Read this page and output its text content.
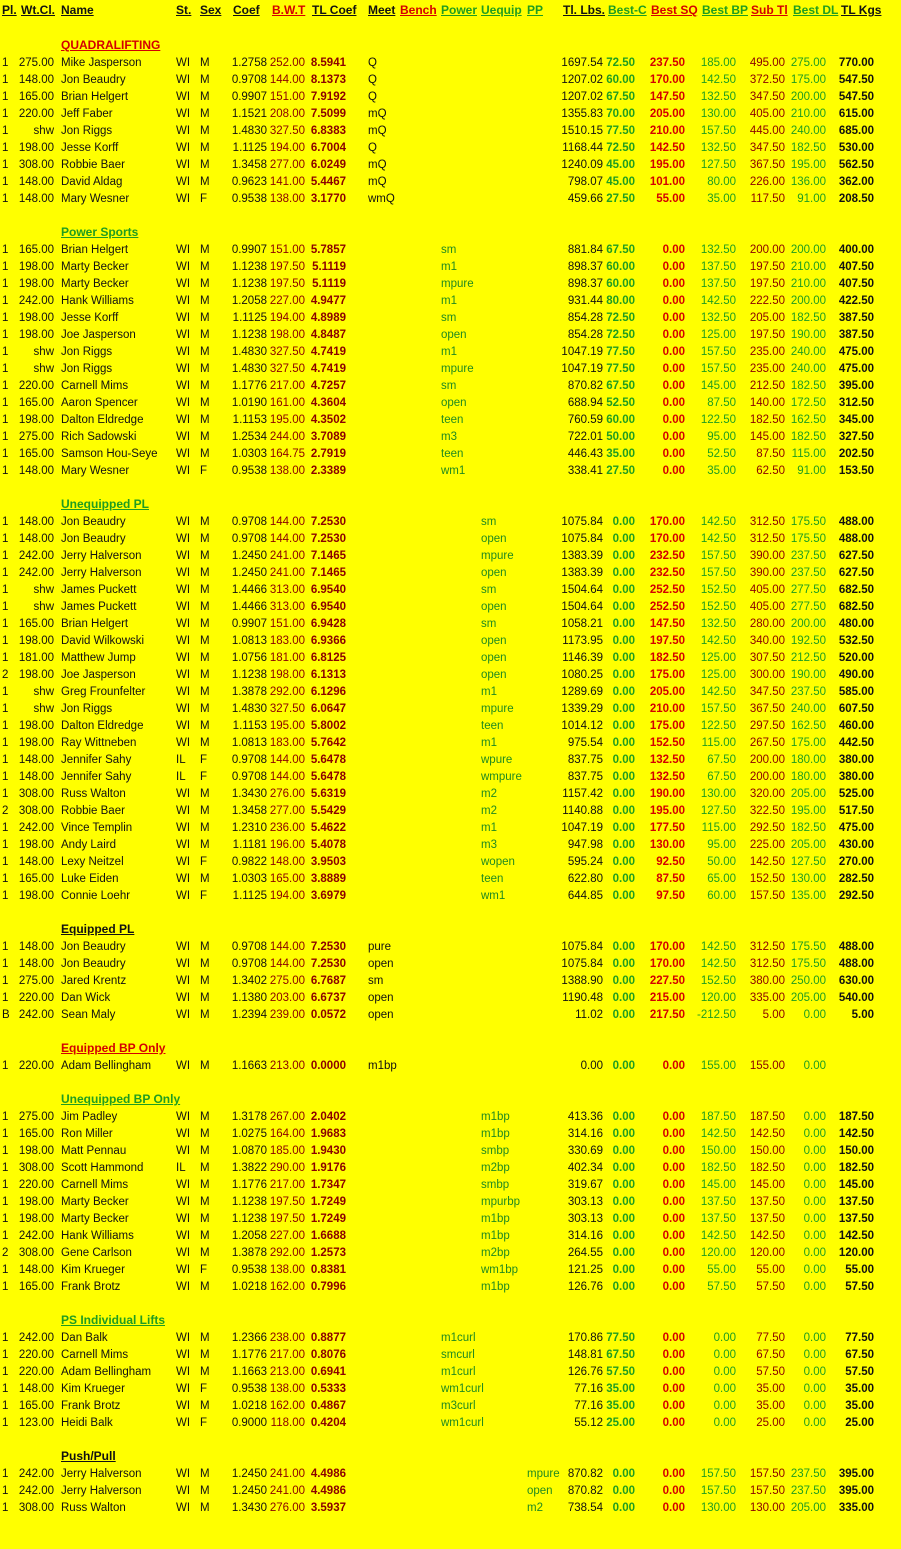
Pl. Wt.Cl. Name	St. Sex Coef B.W.T TL Coef Meet Bench Power Uequip PP Tl. Lbs. Best-C Best SQ Best BP Sub Tl Best DL TL Kgs
QUADRALIFTING
1 275.00 Mike Jasperson	WI M 1.2758 252.00 8.5941 Q	1697.54 72.50 237.50 185.00 495.00 275.00 770.00
1 148.00 Jon Beaudry	WI M 0.9708 144.00 8.1373 Q	1207.02 60.00 170.00 142.50 372.50 175.00 547.50
1 165.00 Brian Helgert	WI M 0.9907 151.00 7.9192 Q	1207.02 67.50 147.50 132.50 347.50 200.00 547.50
1 220.00 Jeff Faber	WI M 1.1521 208.00 7.5099 mQ	1355.83 70.00 205.00 130.00 405.00 210.00 615.00
1 shw Jon Riggs	WI M 1.4830 327.50 6.8383 mQ	1510.15 77.50 210.00 157.50 445.00 240.00 685.00
1 198.00 Jesse Korff	WI M 1.1125 194.00 6.7004 Q	1168.44 72.50 142.50 132.50 347.50 182.50 530.00
1 308.00 Robbie Baer	WI M 1.3458 277.00 6.0249 mQ	1240.09 45.00 195.00 127.50 367.50 195.00 562.50
1 148.00 David Aldag	WI M 0.9623 141.00 5.4467 mQ	798.07 45.00 101.00 80.00 226.00 136.00 362.00
1 148.00 Mary Wesner	WI F 0.9538 138.00 3.1770 wmQ	459.66 27.50 55.00 35.00 117.50 91.00 208.50
Power Sports
1 165.00 Brian Helgert	WI M 0.9907 151.00 5.7857	sm	881.84 67.50 0.00 132.50 200.00 200.00 400.00
1 198.00 Marty Becker	WI M 1.1238 197.50 5.1119	m1	898.37 60.00 0.00 137.50 197.50 210.00 407.50
1 198.00 Marty Becker	WI M 1.1238 197.50 5.1119	mpure	898.37 60.00 0.00 137.50 197.50 210.00 407.50
1 242.00 Hank Williams	WI M 1.2058 227.00 4.9477	m1	931.44 80.00 0.00 142.50 222.50 200.00 422.50
1 198.00 Jesse Korff	WI M 1.1125 194.00 4.8989	sm	854.28 72.50 0.00 132.50 205.00 182.50 387.50
1 198.00 Joe Jasperson	WI M 1.1238 198.00 4.8487	open	854.28 72.50 0.00 125.00 197.50 190.00 387.50
1 shw Jon Riggs	WI M 1.4830 327.50 4.7419	m1	1047.19 77.50 0.00 157.50 235.00 240.00 475.00
1 shw Jon Riggs	WI M 1.4830 327.50 4.7419	mpure	1047.19 77.50 0.00 157.50 235.00 240.00 475.00
1 220.00 Carnell Mims	WI M 1.1776 217.00 4.7257	sm	870.82 67.50 0.00 145.00 212.50 182.50 395.00
1 165.00 Aaron Spencer	WI M 1.0190 161.00 4.3604	open	688.94 52.50 0.00 87.50 140.00 172.50 312.50
1 198.00 Dalton Eldredge	WI M 1.1153 195.00 4.3502	teen	760.59 60.00 0.00 122.50 182.50 162.50 345.00
1 275.00 Rich Sadowski	WI M 1.2534 244.00 3.7089	m3	722.01 50.00 0.00 95.00 145.00 182.50 327.50
1 165.00 Samson Hou-Seye WI M 1.0303 164.75 2.7919	teen	446.43 35.00 0.00 52.50 87.50 115.00 202.50
1 148.00 Mary Wesner	WI F 0.9538 138.00 2.3389	wm1	338.41 27.50 0.00 35.00 62.50 91.00 153.50
Unequipped PL
1 148.00 Jon Beaudry	WI M 0.9708 144.00 7.2530	sm	1075.84 0.00 170.00 142.50 312.50 175.50 488.00
1 148.00 Jon Beaudry	WI M 0.9708 144.00 7.2530	open	1075.84 0.00 170.00 142.50 312.50 175.50 488.00
1 242.00 Jerry Halverson	WI M 1.2450 241.00 7.1465	mpure	1383.39 0.00 232.50 157.50 390.00 237.50 627.50
1 242.00 Jerry Halverson	WI M 1.2450 241.00 7.1465	open	1383.39 0.00 232.50 157.50 390.00 237.50 627.50
1 shw James Puckett	WI M 1.4466 313.00 6.9540	sm	1504.64 0.00 252.50 152.50 405.00 277.50 682.50
1 shw James Puckett	WI M 1.4466 313.00 6.9540	open	1504.64 0.00 252.50 152.50 405.00 277.50 682.50
1 165.00 Brian Helgert	WI M 0.9907 151.00 6.9428	sm	1058.21 0.00 147.50 132.50 280.00 200.00 480.00
1 198.00 David Wilkowski	WI M 1.0813 183.00 6.9366	open	1173.95 0.00 197.50 142.50 340.00 192.50 532.50
1 181.00 Matthew Jump	WI M 1.0756 181.00 6.8125	open	1146.39 0.00 182.50 125.00 307.50 212.50 520.00
2 198.00 Joe Jasperson	WI M 1.1238 198.00 6.1313	open	1080.25 0.00 175.00 125.00 300.00 190.00 490.00
1 shw Greg Frounfelter	WI M 1.3878 292.00 6.1296	m1	1289.69 0.00 205.00 142.50 347.50 237.50 585.00
1 shw Jon Riggs	WI M 1.4830 327.50 6.0647	mpure	1339.29 0.00 210.00 157.50 367.50 240.00 607.50
1 198.00 Dalton Eldredge	WI M 1.1153 195.00 5.8002	teen	1014.12 0.00 175.00 122.50 297.50 162.50 460.00
1 198.00 Ray Wittneben	WI M 1.0813 183.00 5.7642	m1	975.54 0.00 152.50 115.00 267.50 175.00 442.50
1 148.00 Jennifer Sahy	IL F 0.9708 144.00 5.6478	wpure	837.75 0.00 132.50 67.50 200.00 180.00 380.00
1 148.00 Jennifer Sahy	IL F 0.9708 144.00 5.6478	wmpure	837.75 0.00 132.50 67.50 200.00 180.00 380.00
1 308.00 Russ Walton	WI M 1.3430 276.00 5.6319	m2	1157.42 0.00 190.00 130.00 320.00 205.00 525.00
2 308.00 Robbie Baer	WI M 1.3458 277.00 5.5429	m2	1140.88 0.00 195.00 127.50 322.50 195.00 517.50
1 242.00 Vince Templin	WI M 1.2310 236.00 5.4622	m1	1047.19 0.00 177.50 115.00 292.50 182.50 475.00
1 198.00 Andy Laird	WI M 1.1181 196.00 5.4078	m3	947.98 0.00 130.00 95.00 225.00 205.00 430.00
1 148.00 Lexy Neitzel	WI F 0.9822 148.00 3.9503	wopen	595.24 0.00 92.50 50.00 142.50 127.50 270.00
1 165.00 Luke Eiden	WI M 1.0303 165.00 3.8889	teen	622.80 0.00 87.50 65.00 152.50 130.00 282.50
1 198.00 Connie Loehr	WI F 1.1125 194.00 3.6979	wm1	644.85 0.00 97.50 60.00 157.50 135.00 292.50
Equipped PL
1 148.00 Jon Beaudry	WI M 0.9708 144.00 7.2530 pure	1075.84 0.00 170.00 142.50 312.50 175.50 488.00
1 148.00 Jon Beaudry	WI M 0.9708 144.00 7.2530 open	1075.84 0.00 170.00 142.50 312.50 175.50 488.00
1 275.00 Jared Krentz	WI M 1.3402 275.00 6.7687 sm	1388.90 0.00 227.50 152.50 380.00 250.00 630.00
1 220.00 Dan Wick	WI M 1.1380 203.00 6.6737 open	1190.48 0.00 215.00 120.00 335.00 205.00 540.00
B 242.00 Sean Maly	WI M 1.2394 239.00 0.0572 open	11.02 0.00 217.50 -212.50 5.00 0.00 5.00
Equipped BP Only
1 220.00 Adam Bellingham WI M 1.1663 213.00 0.0000 m1bp	0.00 0.00 0.00 155.00 155.00 0.00
Unequipped BP Only
1 275.00 Jim Padley	WI M 1.3178 267.00 2.0402	m1bp	413.36 0.00 0.00 187.50 187.50 0.00 187.50
1 165.00 Ron Miller	WI M 1.0275 164.00 1.9683	m1bp	314.16 0.00 0.00 142.50 142.50 0.00 142.50
1 198.00 Matt Pennau	WI M 1.0870 185.00 1.9430	smbp	330.69 0.00 0.00 150.00 150.00 0.00 150.00
1 308.00 Scott Hammond	IL M 1.3822 290.00 1.9176	m2bp	402.34 0.00 0.00 182.50 182.50 0.00 182.50
1 220.00 Carnell Mims	WI M 1.1776 217.00 1.7347	smbp	319.67 0.00 0.00 145.00 145.00 0.00 145.00
1 198.00 Marty Becker	WI M 1.1238 197.50 1.7249	mpurbp	303.13 0.00 0.00 137.50 137.50 0.00 137.50
1 198.00 Marty Becker	WI M 1.1238 197.50 1.7249	m1bp	303.13 0.00 0.00 137.50 137.50 0.00 137.50
1 242.00 Hank Williams	WI M 1.2058 227.00 1.6688	m1bp	314.16 0.00 0.00 142.50 142.50 0.00 142.50
2 308.00 Gene Carlson	WI M 1.3878 292.00 1.2573	m2bp	264.55 0.00 0.00 120.00 120.00 0.00 120.00
1 148.00 Kim Krueger	WI F 0.9538 138.00 0.8381	wm1bp	121.25 0.00 0.00 55.00 55.00 0.00 55.00
1 165.00 Frank Brotz	WI M 1.0218 162.00 0.7996	m1bp	126.76 0.00 0.00 57.50 57.50 0.00 57.50
PS Individual Lifts
1 242.00 Dan Balk	WI M 1.2366 238.00 0.8877	m1curl	170.86 77.50 0.00 0.00 77.50 0.00 77.50
1 220.00 Carnell Mims	WI M 1.1776 217.00 0.8076	smcurl	148.81 67.50 0.00 0.00 67.50 0.00 67.50
1 220.00 Adam Bellingham WI M 1.1663 213.00 0.6941	m1curl	126.76 57.50 0.00 0.00 57.50 0.00 57.50
1 148.00 Kim Krueger	WI F 0.9538 138.00 0.5333	wm1curl	77.16 35.00 0.00 0.00 35.00 0.00 35.00
1 165.00 Frank Brotz	WI M 1.0218 162.00 0.4867	m3curl	77.16 35.00 0.00 0.00 35.00 0.00 35.00
1 123.00 Heidi Balk	WI F 0.9000 118.00 0.4204	wm1curl	55.12 25.00 0.00 0.00 25.00 0.00 25.00
Push/Pull
1 242.00 Jerry Halverson	WI M 1.2450 241.00 4.4986	mpure 870.82 0.00 0.00 157.50 157.50 237.50 395.00
1 242.00 Jerry Halverson	WI M 1.2450 241.00 4.4986	open 870.82 0.00 0.00 157.50 157.50 237.50 395.00
1 308.00 Russ Walton	WI M 1.3430 276.00 3.5937	m2 738.54 0.00 0.00 130.00 130.00 205.00 335.00
